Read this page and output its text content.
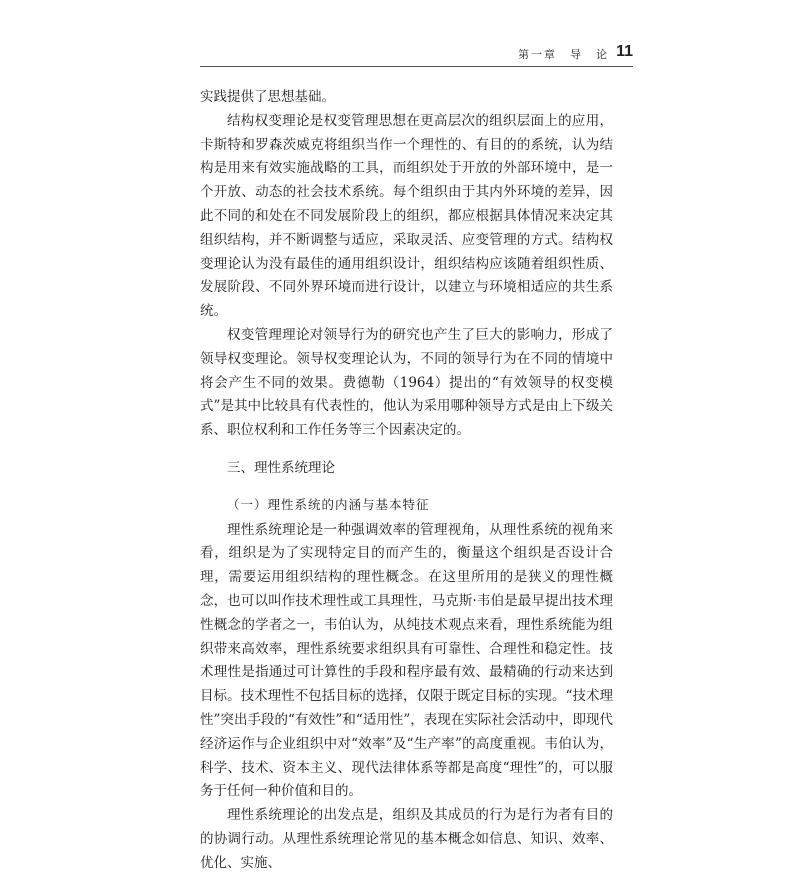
第一章　导　论 11

实践提供了思想基础。

结构权变理论是权变管理思想在更高层次的组织层面上的应用，卡斯特和罗森茨威克将组织当作一个理性的、有目的的系统，认为结构是用来有效实施战略的工具，而组织处于开放的外部环境中，是一个开放、动态的社会技术系统。每个组织由于其内外环境的差异，因此不同的和处在不同发展阶段上的组织，都应根据具体情况来决定其组织结构，并不断调整与适应，采取灵活、应变管理的方式。结构权变理论认为没有最佳的通用组织设计，组织结构应该随着组织性质、发展阶段、不同外界环境而进行设计，以建立与环境相适应的共生系统。

权变管理理论对领导行为的研究也产生了巨大的影响力，形成了领导权变理论。领导权变理论认为，不同的领导行为在不同的情境中将会产生不同的效果。费德勒（1964）提出的“有效领导的权变模式”是其中比较具有代表性的，他认为采用哪种领导方式是由上下级关系、职位权利和工作任务等三个因素决定的。

三、理性系统理论
（一）理性系统的内涵与基本特征

理性系统理论是一种强调效率的管理视角，从理性系统的视角来看，组织是为了实现特定目的而产生的，衡量这个组织是否设计合理，需要运用组织结构的理性概念。在这里所用的是狭义的理性概念，也可以叫作技术理性或工具理性，马克斯·韦伯是最早提出技术理性概念的学者之一，韦伯认为，从纯技术观点来看，理性系统能为组织带来高效率，理性系统要求组织具有可靠性、合理性和稳定性。技术理性是指通过可计算性的手段和程序最有效、最精确的行动来达到目标。技术理性不包括目标的选择，仅限于既定目标的实现。“技术理性”突出手段的“有效性”和“适用性”，表现在实际社会活动中，即现代经济运作与企业组织中对“效率”及“生产率”的高度重视。韦伯认为，科学、技术、资本主义、现代法律体系等都是高度“理性”的，可以服务于任何一种价值和目的。

理性系统理论的出发点是，组织及其成员的行为是行为者有目的的协调行动。从理性系统理论常见的基本概念如信息、知识、效率、优化、实施、
